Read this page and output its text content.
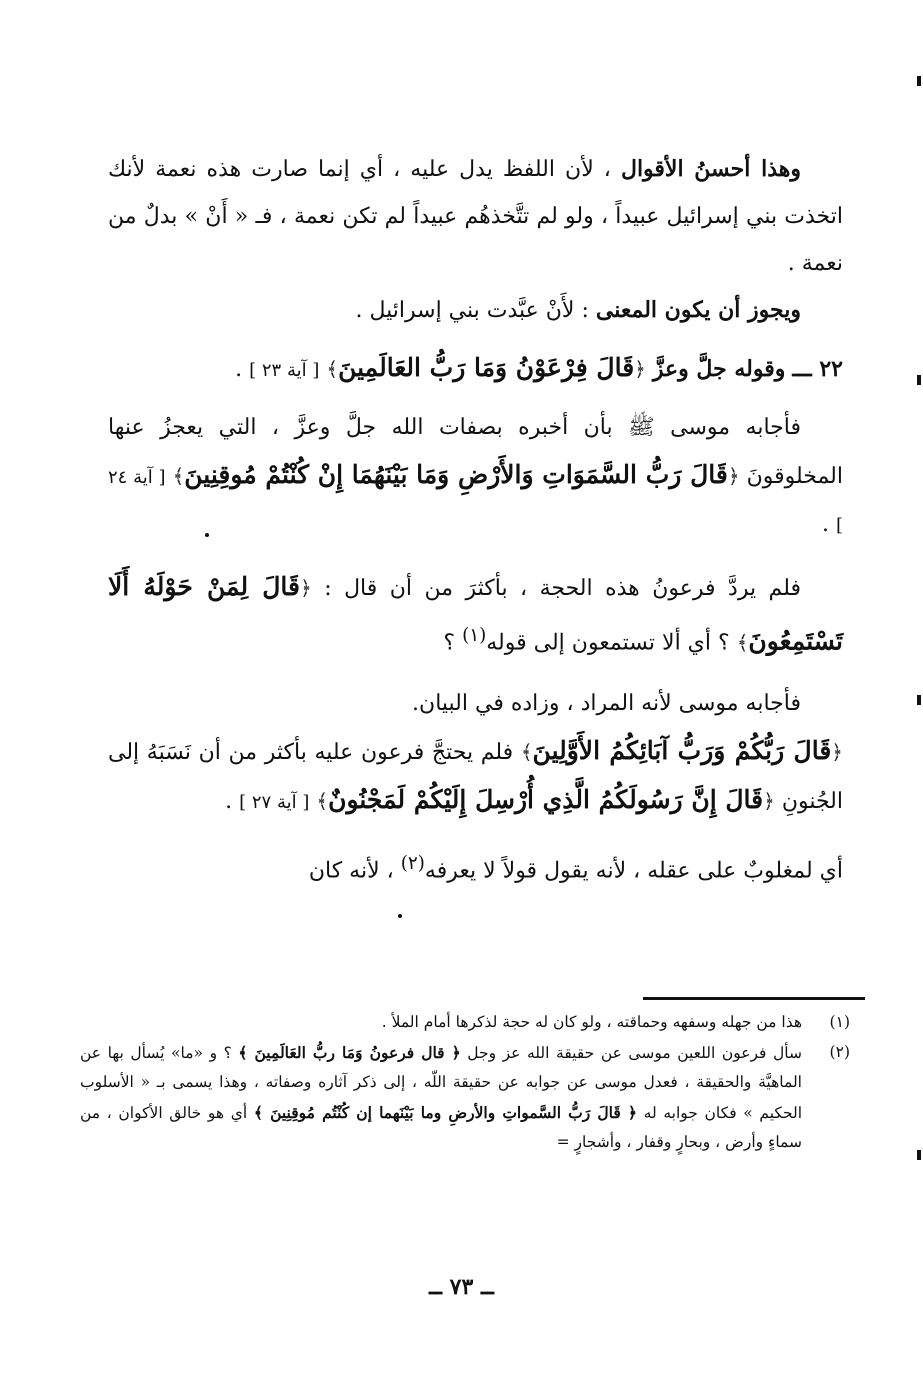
وهذا أحسنُ الأقوال ، لأن اللفظ يدل عليه ، أي إنما صارت هذه نعمة لأنك اتخذت بني إسرائيل عبيداً ، ولو لم تتَّخذهُم عبيداً لم تكن نعمة ، فـ « أَنْ » بدلٌ من نعمة .

ويجوز أن يكون المعنى : لأَنْ عبَّدت بني إسرائيل .

٢٢ ـــ وقوله جلَّ وعزَّ ﴿قَالَ فِرْعَوْنُ وَمَا رَبُّ العَالَمِينَ﴾ [ آية ٢٣ ] .

فأجابه موسى ﷺ بأن أخبره بصفات الله جلَّ وعزَّ ، التي يعجزُ عنها المخلوقونَ ﴿قَالَ رَبُّ السَّمَوَاتِ وَالأَرْضِ وَمَا بَيْنَهُمَا إِنْ كُنْتُمْ مُوقِنِينَ﴾ [ آية ٢٤ ] .

فلم يردَّ فرعونُ هذه الحجة ، بأكثرَ من أن قال : ﴿قَالَ لِمَنْ حَوْلَهُ أَلَا تَسْتَمِعُونَ﴾ ؟ أي ألا تستمعون إلى قوله$^{(١)}$ ؟

فأجابه موسى لأنه المراد ، وزاده في البيان.

﴿قَالَ رَبُّكُمْ وَرَبُّ آبَائِكُمُ الأَوَّلِينَ﴾ فلم يحتجَّ فرعون عليه بأكثر من أن نَسَبَهُ إلى الجُنونِ ﴿قَالَ إِنَّ رَسُولَكُمُ الَّذِي أُرْسِلَ إِلَيْكُمْ لَمَجْنُونٌ﴾ [ آية ٢٧ ] .

أي لمغلوبٌ على عقله ، لأنه يقول قولاً لا يعرفه$^{(٢)}$ ، لأنه كان

(١)
هذا من جهله وسفهه وحماقته ، ولو كان له حجة لذكرها أمام الملأ .
(٢)
سأل فرعون اللعين موسى عن حقيقة الله عز وجل ﴿ قال فرعونُ وَمَا ربُّ العَالَمِينَ ﴾ ؟ و «ما» يُسأل بها عن الماهيَّة والحقيقة ، فعدل موسى عن جوابه عن حقيقة اللّه ، إلى ذكر آثاره وصفاته ، وهذا يسمى بـ « الأسلوب الحكيم » فكان جوابه له ﴿ قَالَ رَبُّ السَّمواتِ والأرضِ وما بَيْنَهما إن كُنْتُم مُوقِنِينَ ﴾ أي هو خالق الأكوان ، من سماءٍ وأرض ، وبحارٍ وقفار ، وأشجارٍ =
ــ ٧٣ ــ
